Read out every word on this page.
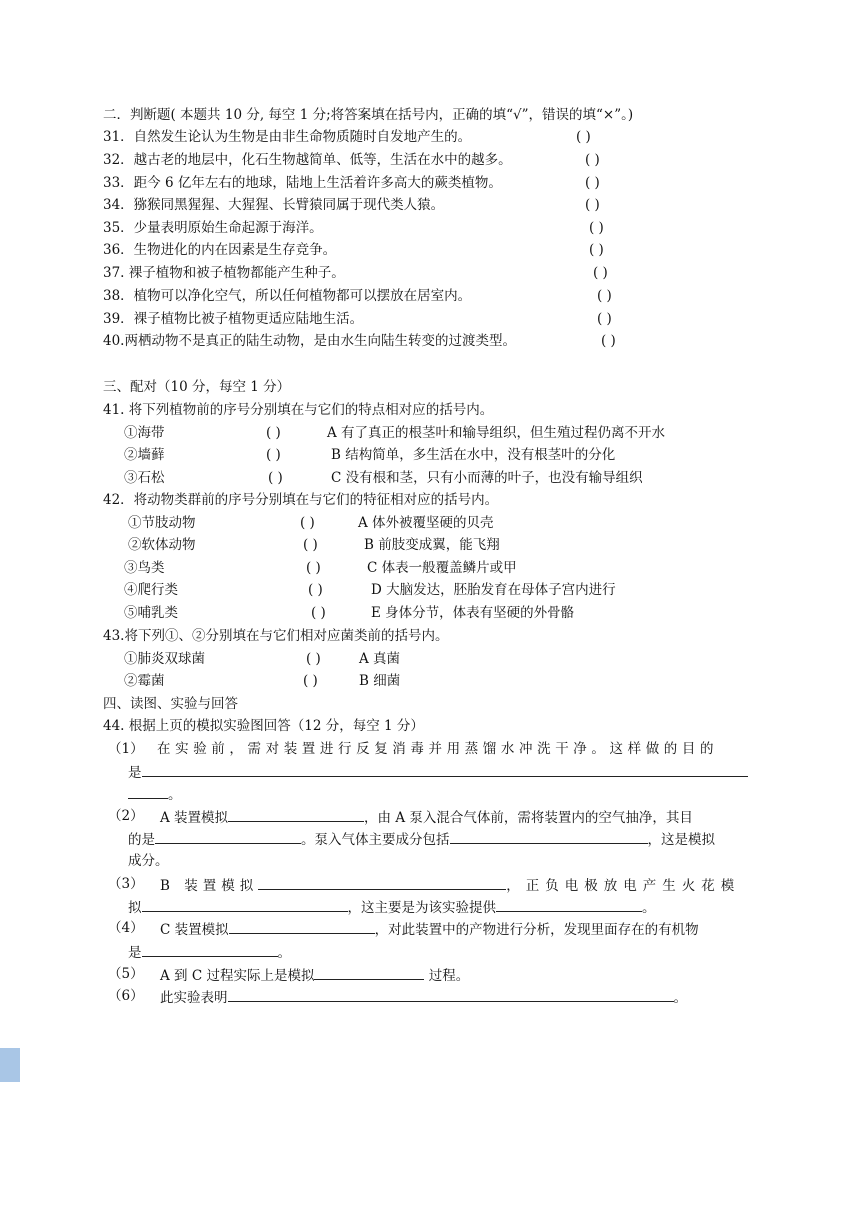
二．判断题( 本题共 10 分, 每空 1 分;将答案填在括号内，正确的填“√”，错误的填“×”。)
31．自然发生论认为生物是由非生命物质随时自发地产生的。	( )
32．越古老的地层中，化石生物越简单、低等，生活在水中的越多。	( )
33．距今 6 亿年左右的地球，陆地上生活着许多高大的蕨类植物。	( )
34．猕猴同黑猩猩、大猩猩、长臂猿同属于现代类人猿。	( )
35．少量表明原始生命起源于海洋。	( )
36．生物进化的内在因素是生存竞争。	( )
37. 裸子植物和被子植物都能产生种子。	( )
38．植物可以净化空气，所以任何植物都可以摆放在居室内。	( )
39．裸子植物比被子植物更适应陆地生活。	( )
40.两栖动物不是真正的陆生动物，是由水生向陆生转变的过渡类型。	( )
三、配对（10 分，每空 1 分）
41. 将下列植物前的序号分别填在与它们的特点相对应的括号内。
①海带	( )	A 有了真正的根茎叶和输导组织，但生殖过程仍离不开水
②墙藓	( )	B 结构简单，多生活在水中，没有根茎叶的分化
③石松	( )	C 没有根和茎，只有小而薄的叶子，也没有输导组织
42．将动物类群前的序号分别填在与它们的特征相对应的括号内。
①节肢动物	( )	A 体外被覆坚硬的贝壳
②软体动物	( )	B 前肢变成翼，能飞翔
③鸟类	( )	C 体表一般覆盖鳞片或甲
④爬行类	( )	D 大脑发达，胚胎发育在母体子宫内进行
⑤哺乳类	( )	E 身体分节，体表有坚硬的外骨骼
43.将下列①、②分别填在与它们相对应菌类前的括号内。
①肺炎双球菌	( )	A 真菌
②霉菌	( )	B 细菌
四、读图、实验与回答
44. 根据上页的模拟实验图回答（12 分，每空 1 分）
（1） 在实验前，需对装置进行反复消毒并用蒸馏水冲洗干净。这样做的目的
是
。
（2） A 装置模拟	，由 A 泵入混合气体前，需将装置内的空气抽净，其目
的是	。泵入气体主要成分包括	，这是模拟
成分。
（3） B 装置模拟	，正负电极放电产生火花模
拟	，这主要是为该实验提供	。
（4） C 装置模拟	，对此装置中的产物进行分析，发现里面存在的有机物
是	。
（5） A 到 C 过程实际上是模拟	过程。
（6） 此实验表明	。
